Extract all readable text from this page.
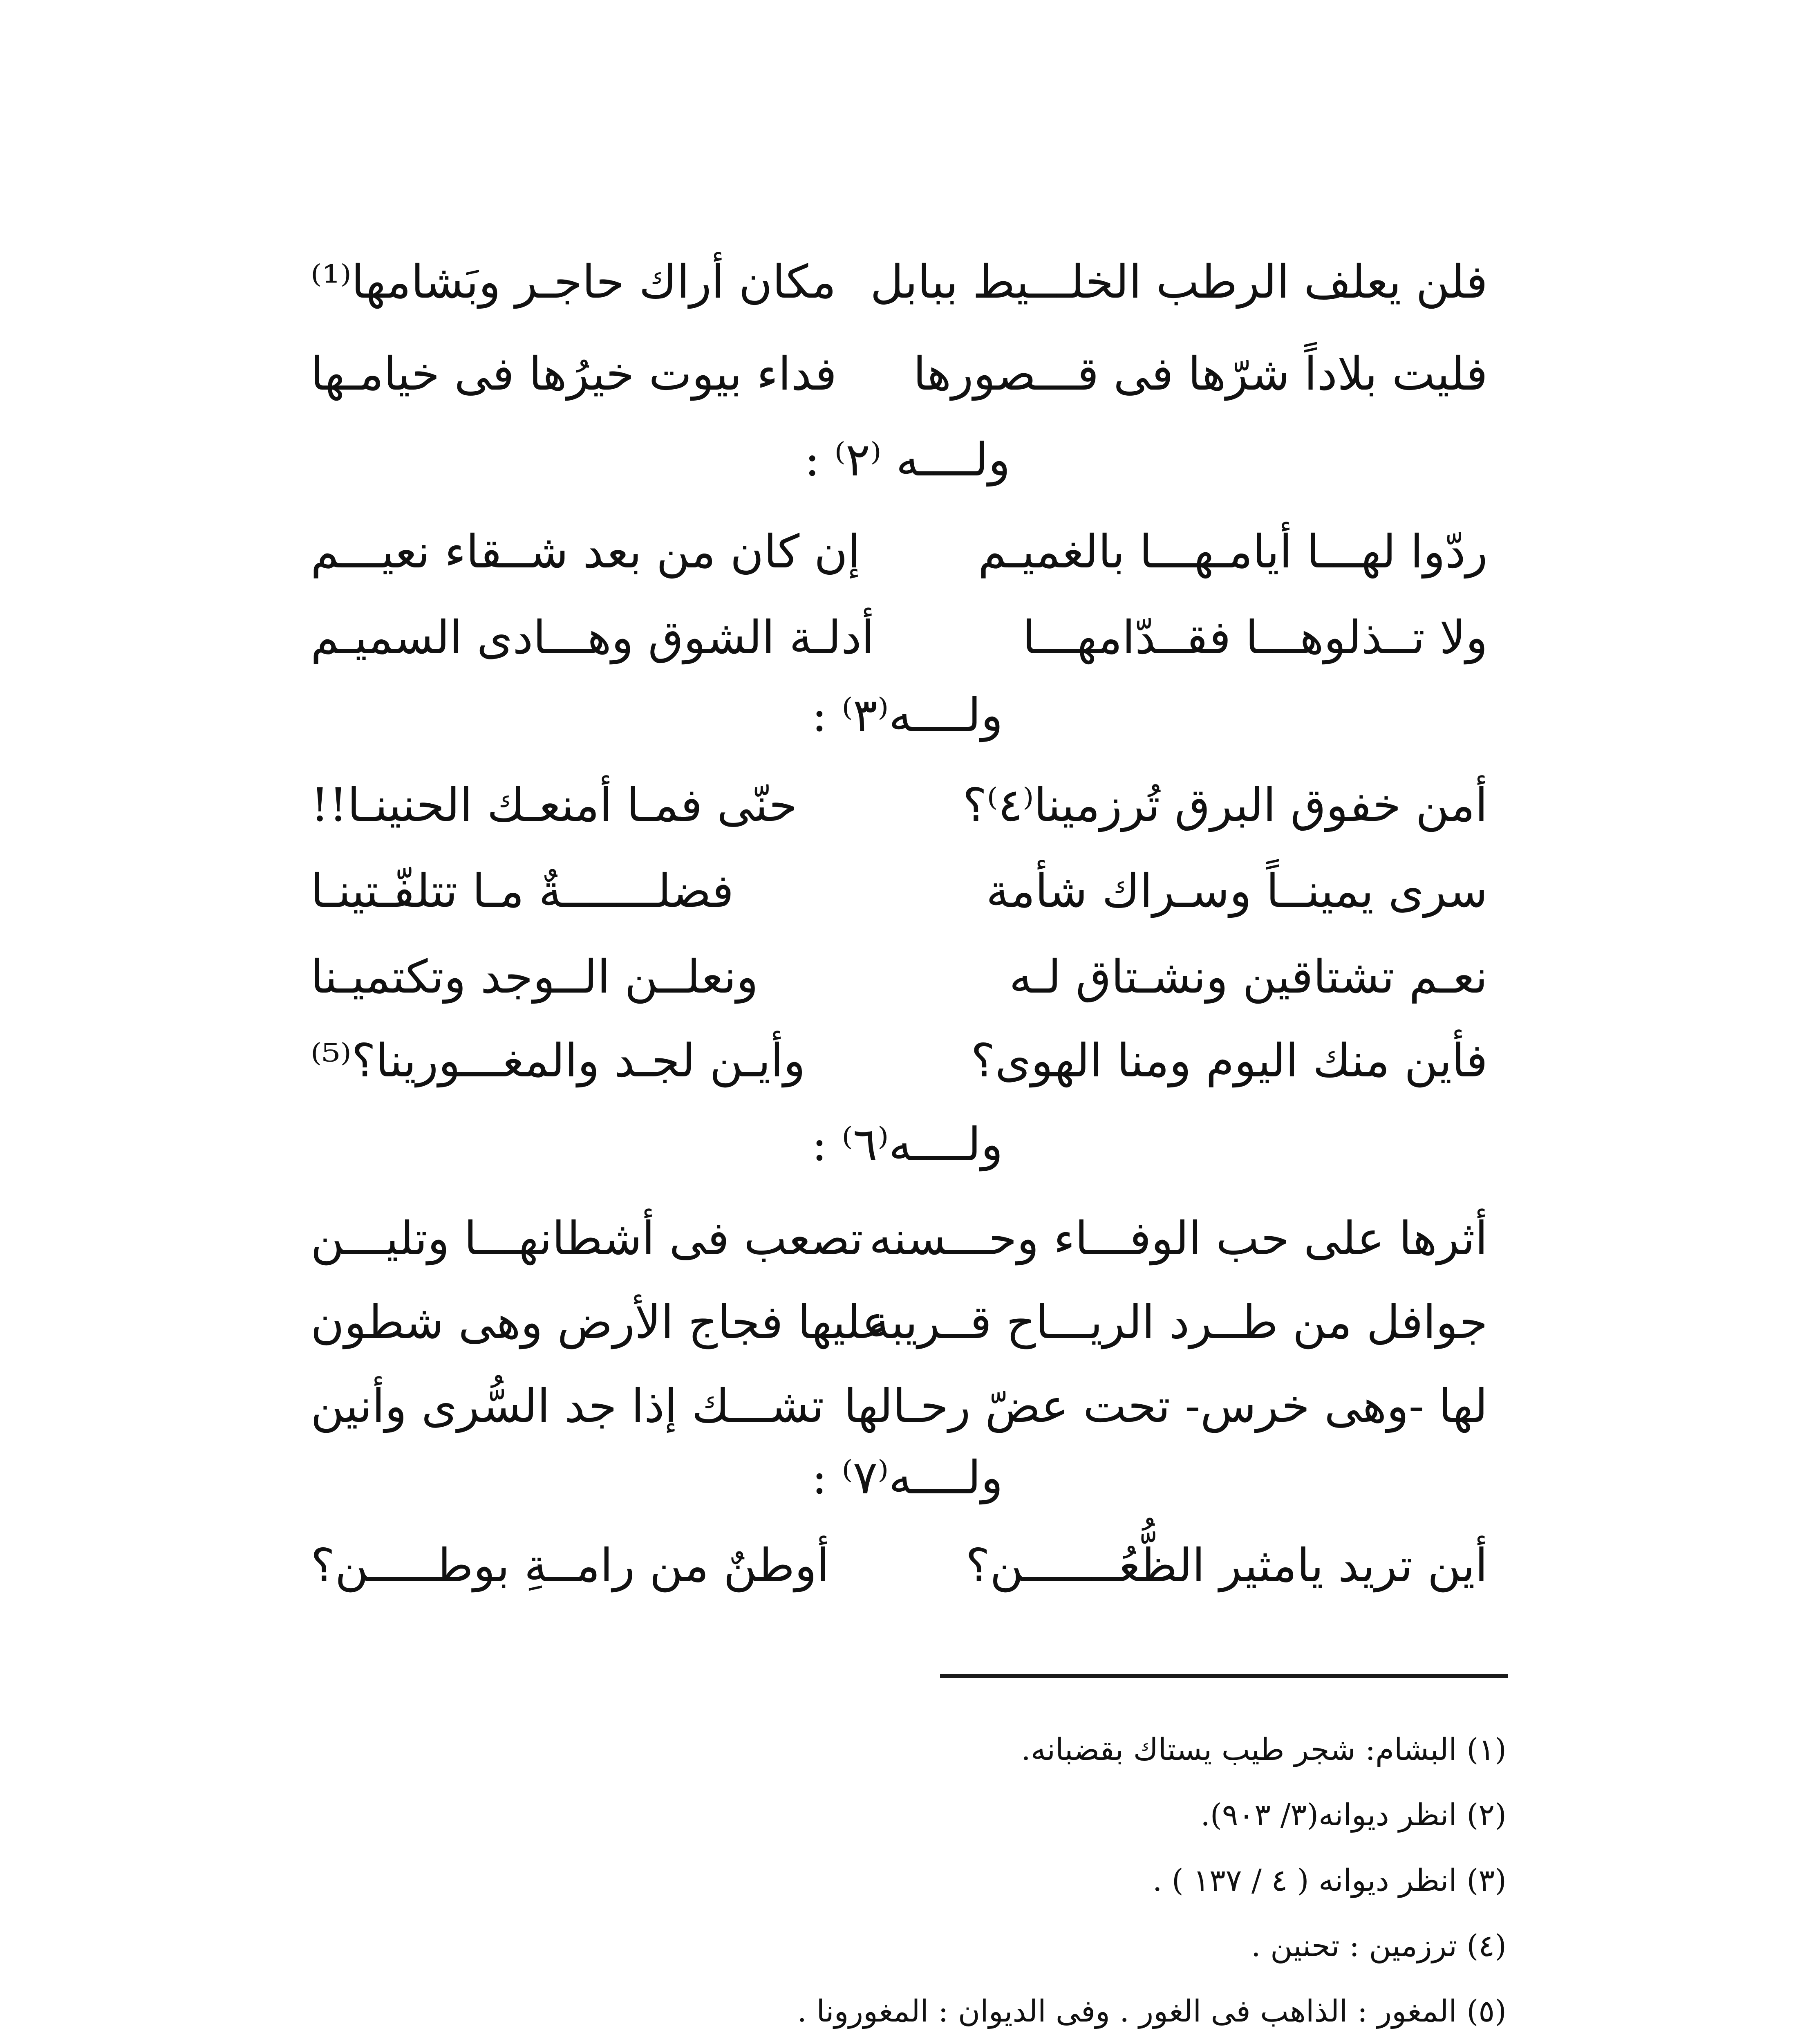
فلن يعلف الرطب الخلـــيط ببابل
مكان أراك حاجـر وبَشامها⁽¹⁾
فليت بلاداً شرّها فى قـــصورها
فداء بيوت خيرُها فى خيامـها
ولــــه ⁽٢⁾ :
ردّوا لهـــا أيامـهـــا بالغميـم
إن كان من بعد شــقاء نعيـــم
ولا تــذلوهـــا فقــدّامهـــا
أدلـة الشوق وهـــادى السميـم
ولــــه⁽٣⁾ :
أمن خفوق البرق تُرزمينا⁽٤⁾؟
حنّى فمـا أمنعـك الحنينـا!!
سرى يمينــاً وسـراك شأمة
فضلـــــــةٌ مـا تتلفّـتينـا
نعـم تشتاقين ونشـتاق لـه
ونعلــن الــوجد وتكتميـنا
فأين منك اليوم ومنا الهوى؟
وأيـن لجـد والمغـــورينا؟⁽⁵⁾
ولــــه⁽٦⁾ :
أثرها على حب الوفـــاء وحـــسنه
تصعب فى أشطانهـــا وتليـــن
جوافل من طــرد الريـــاح قــريبة
عليها فجاج الأرض وهى شطون
لها -وهى خرس- تحت عضّ رحـالها
تشـــك إذا جد السُّرى وأنين
ولــــه⁽٧⁾ :
أين تريد يامثير الظُّعُـــــــن؟
أوطنٌ من رامــةِ بوطـــــن؟
(١) البشام: شجر طيب يستاك بقضبانه.
(٢) انظر ديوانه(٣/ ٩٠٣).
(٣) انظر ديوانه ( ٤ / ١٣٧ ) .
(٤) ترزمين : تحنين .
(٥) المغور : الذاهب فى الغور . وفى الديوان : المغورونا .
